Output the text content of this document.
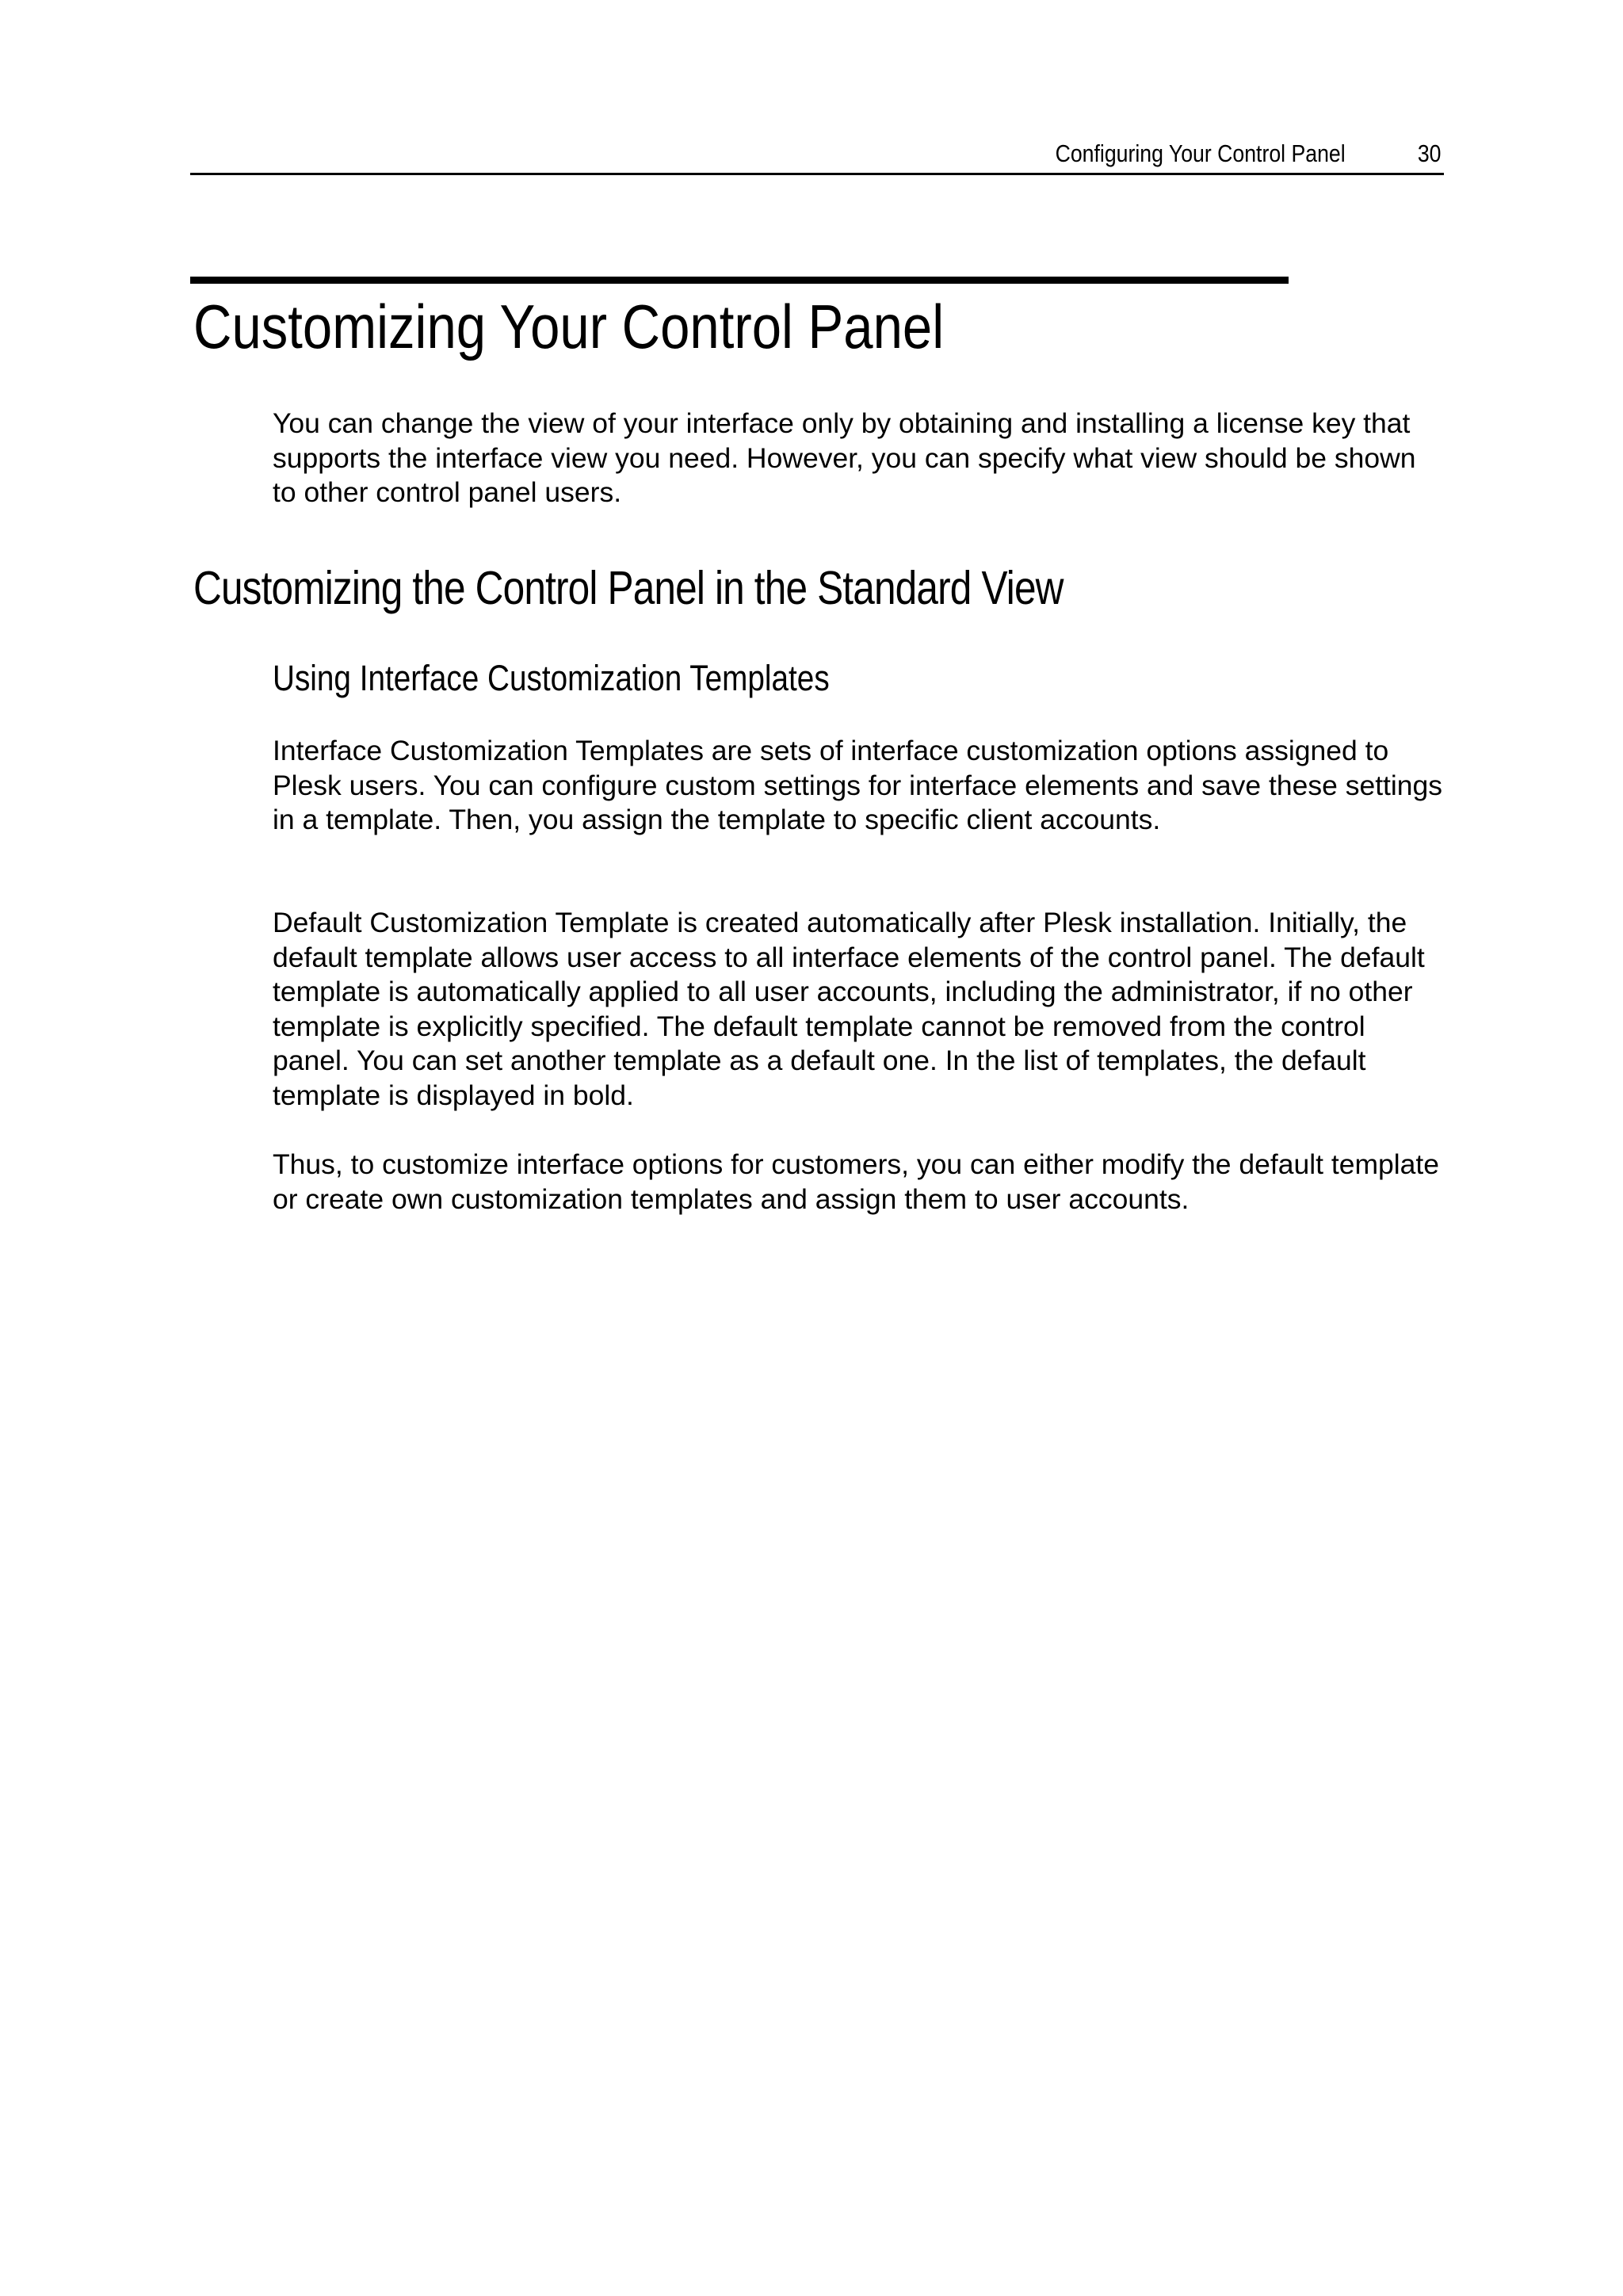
Configuring Your Control Panel	30
Customizing Your Control Panel

You can change the view of your interface only by obtaining and installing a license key that supports the interface view you need. However, you can specify what view should be shown to other control panel users.

Customizing the Control Panel in the Standard View
Using Interface Customization Templates

Interface Customization Templates are sets of interface customization options assigned to Plesk users. You can configure custom settings for interface elements and save these settings in a template. Then, you assign the template to specific client accounts.

Default Customization Template is created automatically after Plesk installation. Initially, the default template allows user access to all interface elements of the control panel. The default template is automatically applied to all user accounts, including the administrator, if no other template is explicitly specified. The default template cannot be removed from the control panel. You can set another template as a default one. In the list of templates, the default template is displayed in bold.

Thus, to customize interface options for customers, you can either modify the default template or create own customization templates and assign them to user accounts.
